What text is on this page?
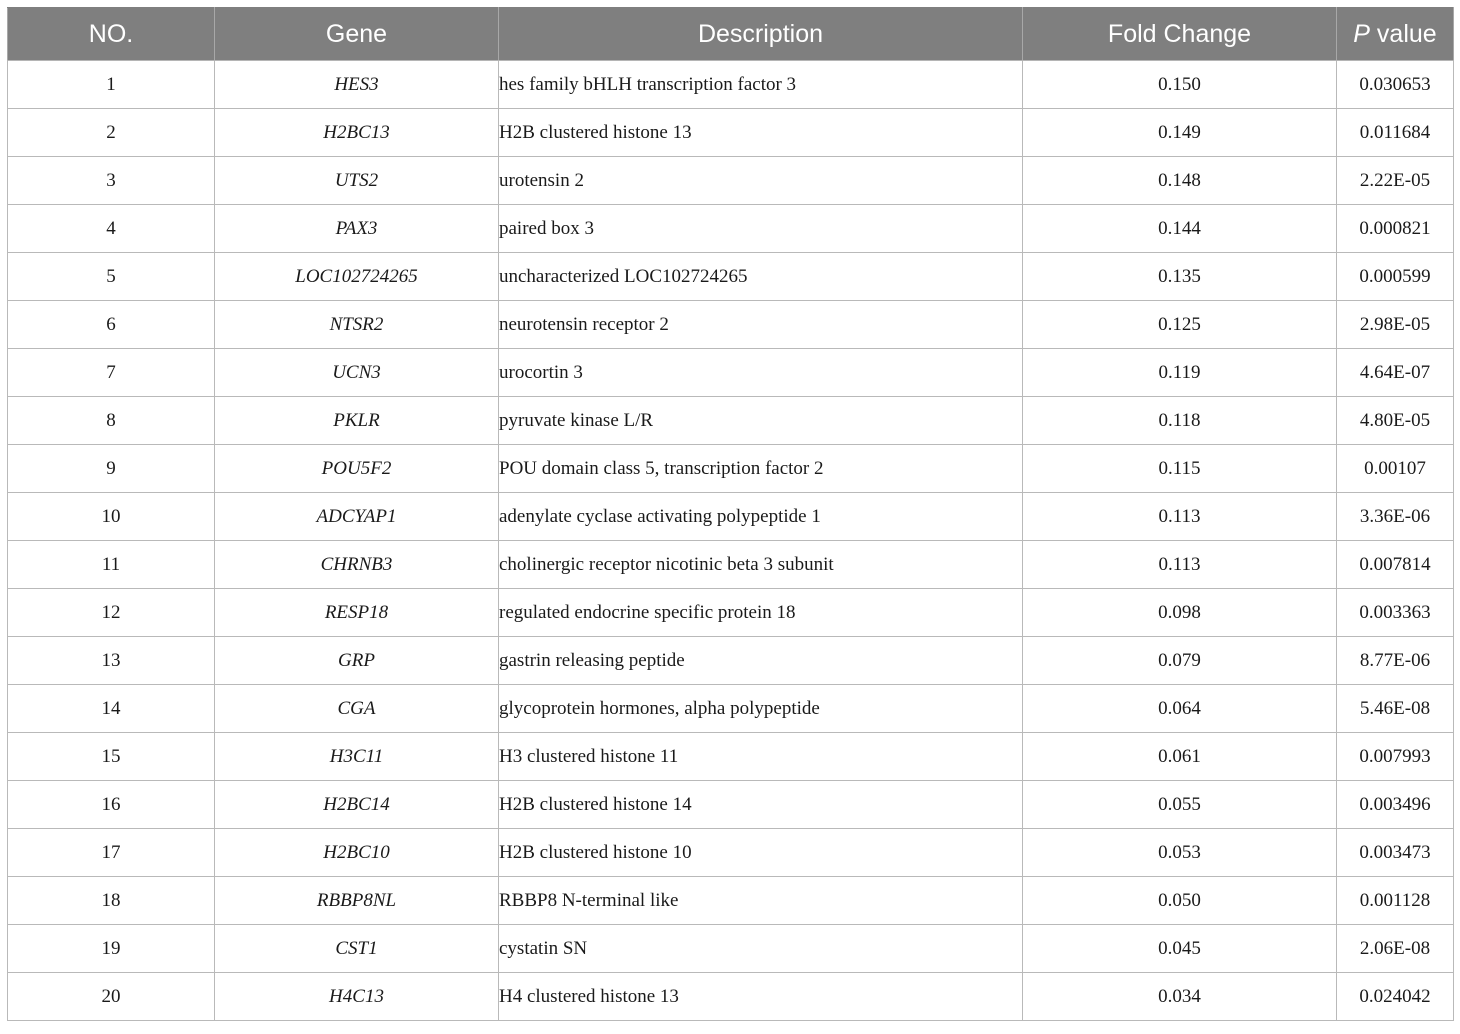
NO.	Gene	Description	Fold Change	P value
1	HES3	hes family bHLH transcription factor 3	0.150	0.030653
2	H2BC13	H2B clustered histone 13	0.149	0.011684
3	UTS2	urotensin 2	0.148	2.22E-05
4	PAX3	paired box 3	0.144	0.000821
5	LOC102724265	uncharacterized LOC102724265	0.135	0.000599
6	NTSR2	neurotensin receptor 2	0.125	2.98E-05
7	UCN3	urocortin 3	0.119	4.64E-07
8	PKLR	pyruvate kinase L/R	0.118	4.80E-05
9	POU5F2	POU domain class 5, transcription factor 2	0.115	0.00107
10	ADCYAP1	adenylate cyclase activating polypeptide 1	0.113	3.36E-06
11	CHRNB3	cholinergic receptor nicotinic beta 3 subunit	0.113	0.007814
12	RESP18	regulated endocrine specific protein 18	0.098	0.003363
13	GRP	gastrin releasing peptide	0.079	8.77E-06
14	CGA	glycoprotein hormones, alpha polypeptide	0.064	5.46E-08
15	H3C11	H3 clustered histone 11	0.061	0.007993
16	H2BC14	H2B clustered histone 14	0.055	0.003496
17	H2BC10	H2B clustered histone 10	0.053	0.003473
18	RBBP8NL	RBBP8 N-terminal like	0.050	0.001128
19	CST1	cystatin SN	0.045	2.06E-08
20	H4C13	H4 clustered histone 13	0.034	0.024042
